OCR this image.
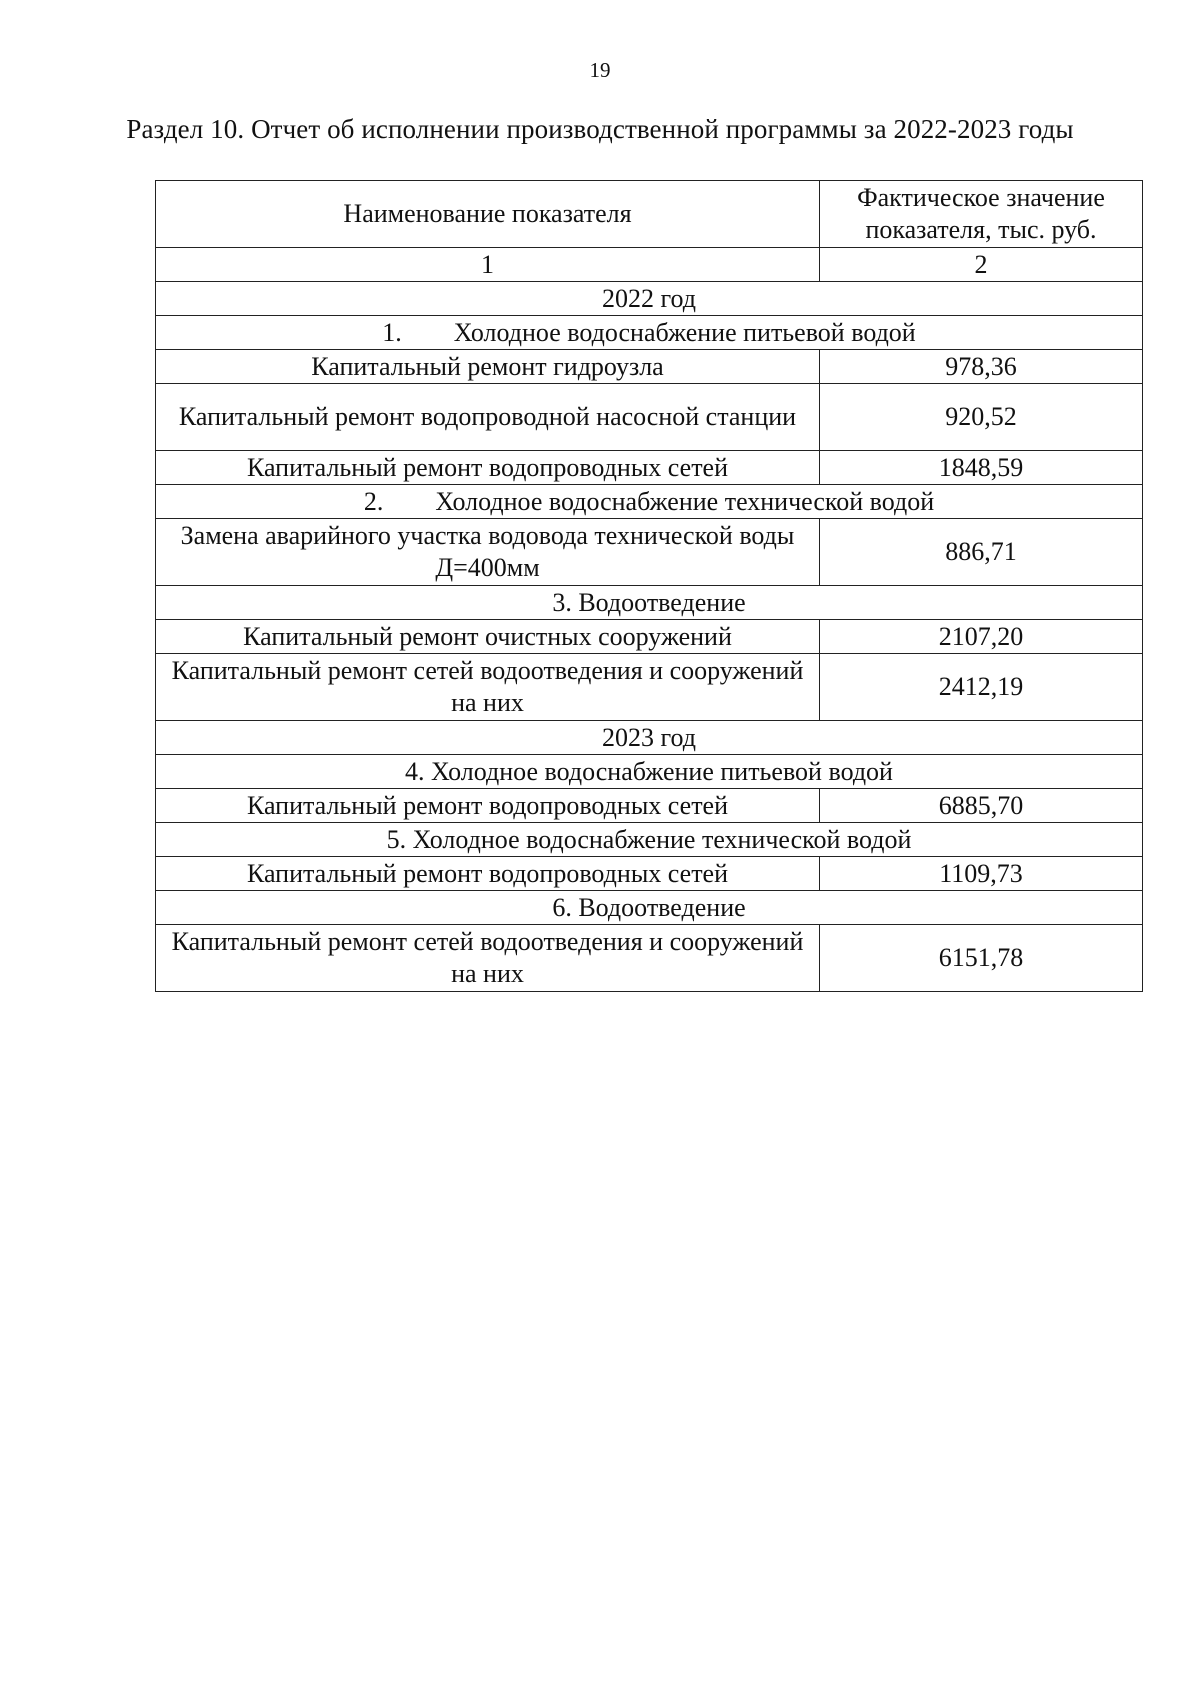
19
Раздел 10. Отчет об исполнении производственной программы за 2022-2023 годы
Наименование показателя	Фактическое значение показателя, тыс. руб.
1	2
2022 год	
1.        Холодное водоснабжение питьевой водой	
Капитальный ремонт гидроузла	978,36
Капитальный ремонт водопроводной насосной станции	920,52
Капитальный ремонт водопроводных сетей	1848,59
2.        Холодное водоснабжение технической водой	
Замена аварийного участка водовода технической воды Д=400мм	886,71
3. Водоотведение	
Капитальный ремонт очистных сооружений	2107,20
Капитальный ремонт сетей водоотведения и сооружений на них	2412,19
2023 год	
4. Холодное водоснабжение питьевой водой	
Капитальный ремонт водопроводных сетей	6885,70
5. Холодное водоснабжение технической водой	
Капитальный ремонт водопроводных сетей	1109,73
6. Водоотведение	
Капитальный ремонт сетей водоотведения и сооружений на них	6151,78
